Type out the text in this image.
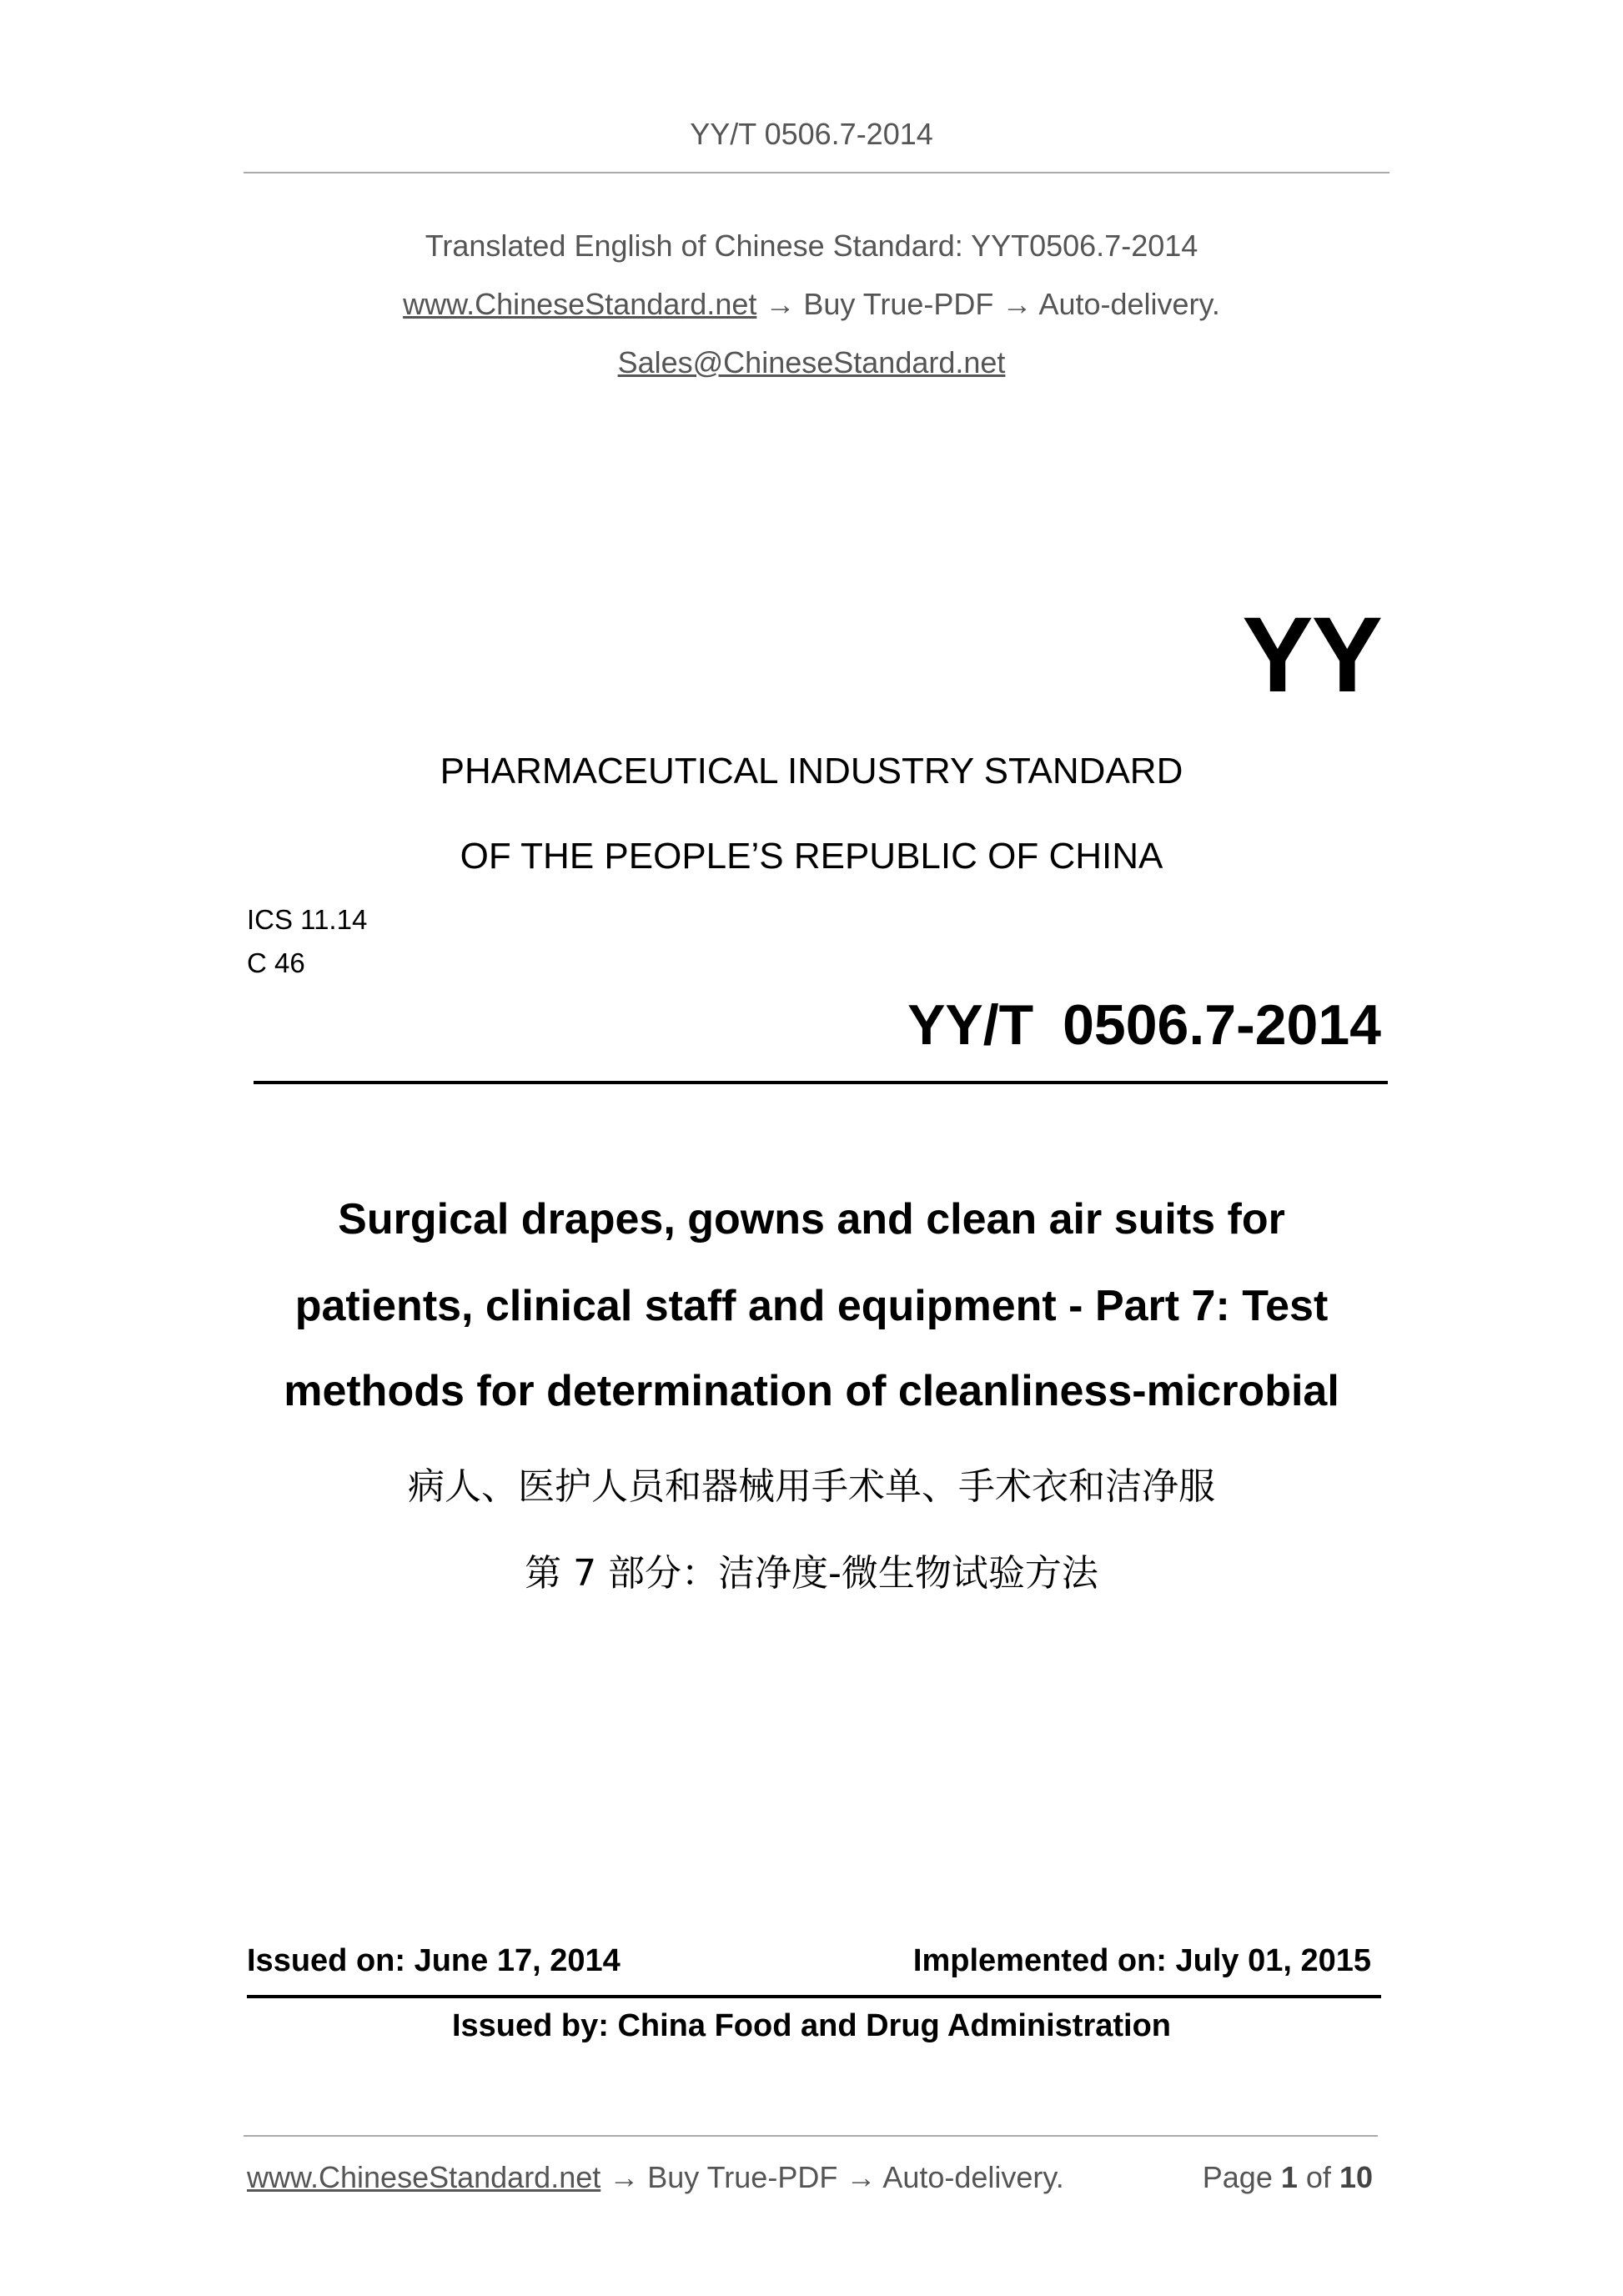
YY/T 0506.7-2014
Translated English of Chinese Standard: YYT0506.7-2014
www.ChineseStandard.net → Buy True-PDF → Auto-delivery.
Sales@ChineseStandard.net
YY
PHARMACEUTICAL INDUSTRY STANDARD
OF THE PEOPLE’S REPUBLIC OF CHINA
ICS 11.14
C 46
YY/T 0506.7-2014
Surgical drapes, gowns and clean air suits for
patients, clinical staff and equipment - Part 7: Test
methods for determination of cleanliness-microbial
病人、医护人员和器械用手术单、手术衣和洁净服
第 7 部分：洁净度-微生物试验方法
Issued on: June 17, 2014	Implemented on: July 01, 2015
Issued by: China Food and Drug Administration
www.ChineseStandard.net → Buy True-PDF → Auto-delivery.	Page 1 of 10
